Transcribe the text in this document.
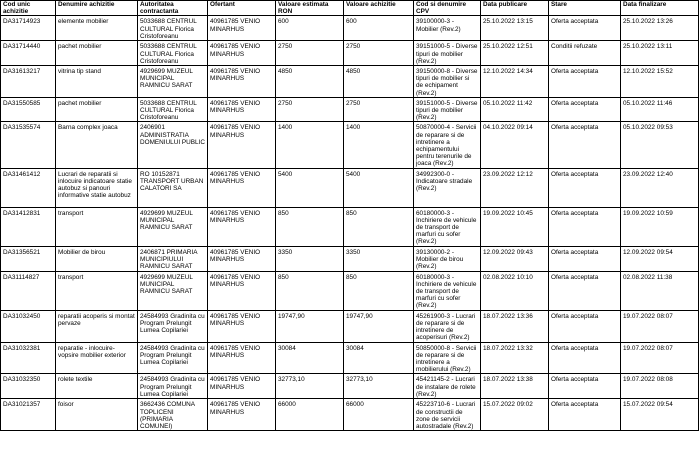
Cod unic achizitie	Denumire achizitie	Autoritatea contractanta	Ofertant	Valoare estimata RON	Valoare achizitie	Cod si denumire CPV	Data publicare	Stare	Data finalizare
DA31714923	elemente mobilier	5033688 CENTRUL CULTURAL Florica Cristoforeanu	40961785 VENIO MINARHUS	600	600	39100000-3 - Mobilier (Rev.2)	25.10.2022 13:15	Oferta acceptata	25.10.2022 13:26
DA31714440	pachet mobilier	5033688 CENTRUL CULTURAL Florica Cristoforeanu	40961785 VENIO MINARHUS	2750	2750	39151000-5 - Diverse tipuri de mobilier (Rev.2)	25.10.2022 12:51	Conditii refuzate	25.10.2022 13:11
DA31613217	vitrina tip stand	4929699 MUZEUL MUNICIPAL RAMNICU SARAT	40961785 VENIO MINARHUS	4850	4850	39150000-8 - Diverse tipuri de mobilier si de echipament (Rev.2)	12.10.2022 14:34	Oferta acceptata	12.10.2022 15:52
DA31550585	pachet mobilier	5033688 CENTRUL CULTURAL Florica Cristoforeanu	40961785 VENIO MINARHUS	2750	2750	39151000-5 - Diverse tipuri de mobilier (Rev.2)	05.10.2022 11:42	Oferta acceptata	05.10.2022 11:46
DA31535574	Barna complex joaca	2406901 ADMINISTRATIA DOMENIULUI PUBLIC	40961785 VENIO MINARHUS	1400	1400	50870000-4 - Servicii de reparare si de intretinere a echipamentului pentru terenurile de joaca (Rev.2)	04.10.2022 09:14	Oferta acceptata	05.10.2022 09:53
DA31461412	Lucrari de reparatii si inlocuire indicatoare statie autobuz si panouri informative statie autobuz	RO 10152871 TRANSPORT URBAN CALATORI SA	40961785 VENIO MINARHUS	5400	5400	34992300-0 - Indicatoare stradale (Rev.2)	23.09.2022 12:12	Oferta acceptata	23.09.2022 12:40
DA31412831	transport	4929699 MUZEUL MUNICIPAL RAMNICU SARAT	40961785 VENIO MINARHUS	850	850	60180000-3 - Inchiriere de vehicule de transport de marfuri cu sofer (Rev.2)	19.09.2022 10:45	Oferta acceptata	19.09.2022 10:59
DA31356521	Mobilier de birou	2406871 PRIMARIA MUNICIPIULUI RAMNICU SARAT	40961785 VENIO MINARHUS	3350	3350	39130000-2 - Mobilier de birou (Rev.2)	12.09.2022 09:43	Oferta acceptata	12.09.2022 09:54
DA31114827	transport	4929699 MUZEUL MUNICIPAL RAMNICU SARAT	40961785 VENIO MINARHUS	850	850	60180000-3 - Inchiriere de vehicule de transport de marfuri cu sofer (Rev.2)	02.08.2022 10:10	Oferta acceptata	02.08.2022 11:38
DA31032450	reparatii acoperis si montat pervaze	24584993 Gradinita cu Program Prelungit Lumea Copilariei	40961785 VENIO MINARHUS	19747,90	19747,90	45261900-3 - Lucrari de reparare si de intretinere de acoperisuri (Rev.2)	18.07.2022 13:36	Oferta acceptata	19.07.2022 08:07
DA31032381	reparatie - inlocuire-vopsire mobilier exterior	24584993 Gradinita cu Program Prelungit Lumea Copilariei	40961785 VENIO MINARHUS	30084	30084	50850000-8 - Servicii de reparare si de intretinere a mobilierului (Rev.2)	18.07.2022 13:32	Oferta acceptata	19.07.2022 08:07
DA31032350	rolete textile	24584993 Gradinita cu Program Prelungit Lumea Copilariei	40961785 VENIO MINARHUS	32773,10	32773,10	45421145-2 - Lucrari de instalare de rolete (Rev.2)	18.07.2022 13:38	Oferta acceptata	19.07.2022 08:08
DA31021357	foisor	3662436 COMUNA TOPLICENI (PRIMARIA COMUNEI)	40961785 VENIO MINARHUS	66000	66000	45223710-6 - Lucrari de constructii de zone de servicii autostradale (Rev.2)	15.07.2022 09:02	Oferta acceptata	15.07.2022 09:54
